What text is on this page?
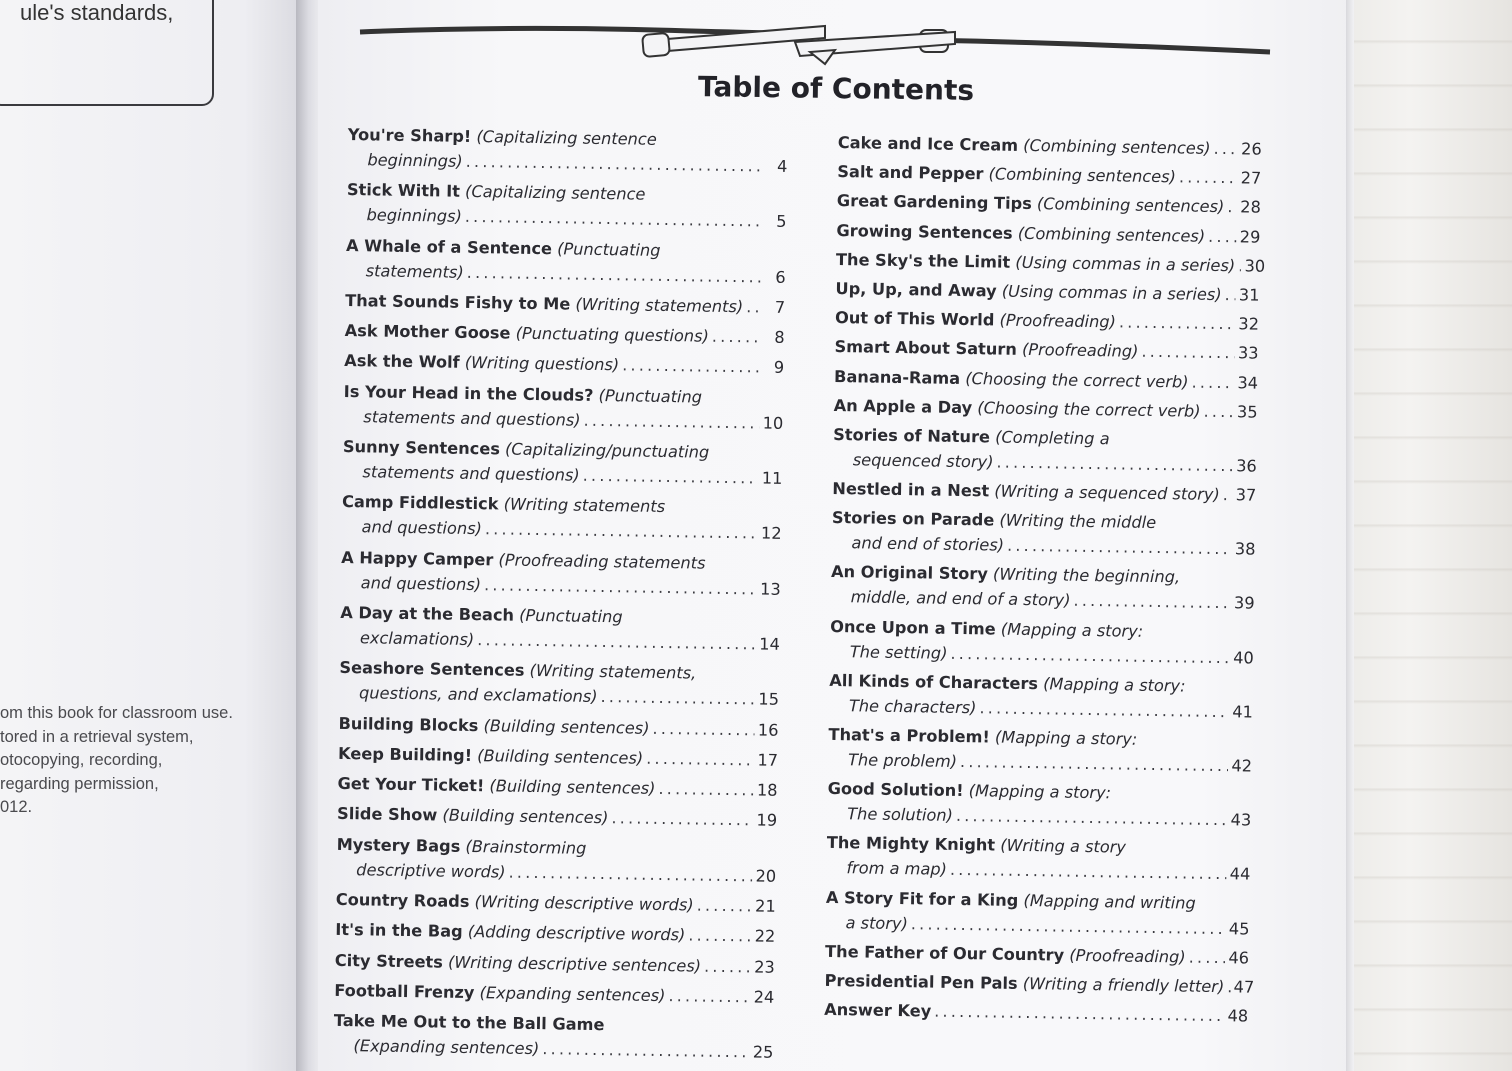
ule's standards,
om this book for classroom use.
tored in a retrieval system,
otocopying, recording,
regarding permission,
012.
Table of Contents
You're Sharp! (Capitalizing sentence
beginnings) . . .	4
Stick With It (Capitalizing sentence
beginnings) . . .	5
A Whale of a Sentence (Punctuating
statements) . . .	6
That Sounds Fishy to Me (Writing statements) . . .	7
Ask Mother Goose (Punctuating questions) . . .	8
Ask the Wolf (Writing questions) . . .	9
Is Your Head in the Clouds? (Punctuating
statements and questions) . . .	10
Sunny Sentences (Capitalizing/punctuating
statements and questions) . . .	11
Camp Fiddlestick (Writing statements
and questions) . . .	12
A Happy Camper (Proofreading statements
and questions) . . .	13
A Day at the Beach (Punctuating
exclamations) . . .	14
Seashore Sentences (Writing statements,
questions, and exclamations) . . .	15
Building Blocks (Building sentences) . . .	16
Keep Building! (Building sentences) . . .	17
Get Your Ticket! (Building sentences) . . .	18
Slide Show (Building sentences) . . .	19
Mystery Bags (Brainstorming
descriptive words) . . .	20
Country Roads (Writing descriptive words) . . .	21
It's in the Bag (Adding descriptive words) . . .	22
City Streets (Writing descriptive sentences) . . .	23
Football Frenzy (Expanding sentences) . . .	24
Take Me Out to the Ball Game
(Expanding sentences) . . .	25
Cake and Ice Cream (Combining sentences) . . . 26
Salt and Pepper (Combining sentences) . . .	27
Great Gardening Tips (Combining sentences) . . . 28
Growing Sentences (Combining sentences) . . . 29
The Sky's the Limit (Using commas in a series) . . . 30
Up, Up, and Away (Using commas in a series) . . . 31
Out of This World (Proofreading) . . .	32
Smart About Saturn (Proofreading) . . .	33
Banana-Rama (Choosing the correct verb) . . .	34
An Apple a Day (Choosing the correct verb) . . . 35
Stories of Nature (Completing a
sequenced story) . . .	36
Nestled in a Nest (Writing a sequenced story) . . . 37
Stories on Parade (Writing the middle
and end of stories) . . .	38
An Original Story (Writing the beginning,
middle, and end of a story) . . .	39
Once Upon a Time (Mapping a story:
The setting) . . .	40
All Kinds of Characters (Mapping a story:
The characters) . . .	41
That's a Problem! (Mapping a story:
The problem) . . .	42
Good Solution! (Mapping a story:
The solution) . . .	43
The Mighty Knight (Writing a story
from a map) . . .	44
A Story Fit for a King (Mapping and writing
a story) . . .	45
The Father of Our Country (Proofreading) . . .	46
Presidential Pen Pals (Writing a friendly letter) . . . 47
Answer Key . . .	48
